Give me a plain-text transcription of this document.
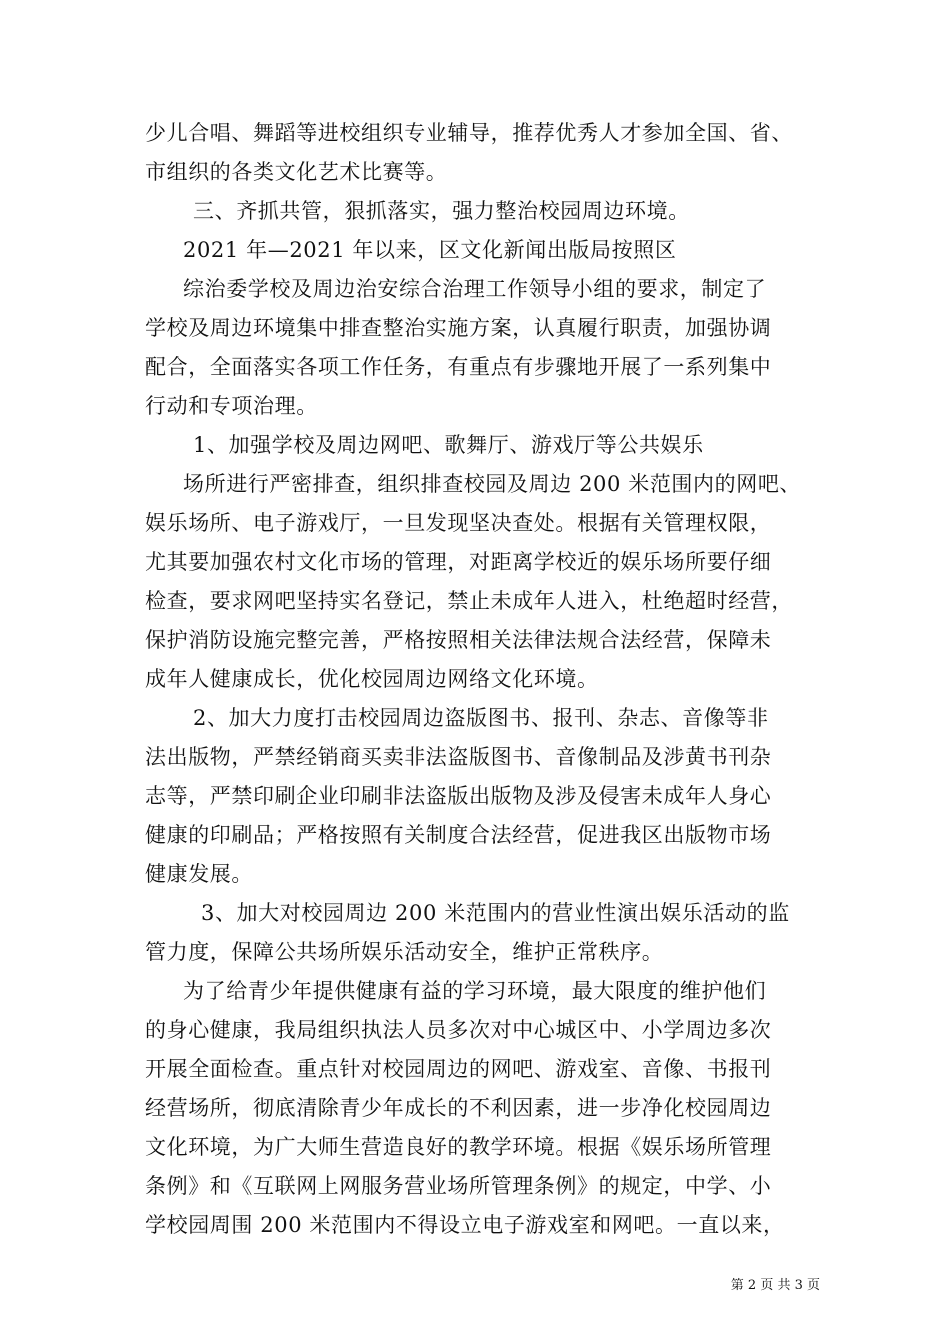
少儿合唱、舞蹈等进校组织专业辅导，推荐优秀人才参加全国、省、
市组织的各类文化艺术比赛等。
三、齐抓共管，狠抓落实，强力整治校园周边环境。
2021 年—2021 年以来，区文化新闻出版局按照区
综治委学校及周边治安综合治理工作领导小组的要求，制定了
学校及周边环境集中排查整治实施方案，认真履行职责，加强协调
配合，全面落实各项工作任务，有重点有步骤地开展了一系列集中
行动和专项治理。
1、加强学校及周边网吧、歌舞厅、游戏厅等公共娱乐
场所进行严密排查，组织排查校园及周边 200 米范围内的网吧、
娱乐场所、电子游戏厅，一旦发现坚决查处。根据有关管理权限，
尤其要加强农村文化市场的管理，对距离学校近的娱乐场所要仔细
检查，要求网吧坚持实名登记，禁止未成年人进入，杜绝超时经营，
保护消防设施完整完善，严格按照相关法律法规合法经营，保障未
成年人健康成长，优化校园周边网络文化环境。
2、加大力度打击校园周边盗版图书、报刊、杂志、音像等非
法出版物，严禁经销商买卖非法盗版图书、音像制品及涉黄书刊杂
志等，严禁印刷企业印刷非法盗版出版物及涉及侵害未成年人身心
健康的印刷品；严格按照有关制度合法经营，促进我区出版物市场
健康发展。
3、加大对校园周边 200 米范围内的营业性演出娱乐活动的监
管力度，保障公共场所娱乐活动安全，维护正常秩序。
为了给青少年提供健康有益的学习环境，最大限度的维护他们
的身心健康，我局组织执法人员多次对中心城区中、小学周边多次
开展全面检查。重点针对校园周边的网吧、游戏室、音像、书报刊
经营场所，彻底清除青少年成长的不利因素，进一步净化校园周边
文化环境，为广大师生营造良好的教学环境。根据《娱乐场所管理
条例》和《互联网上网服务营业场所管理条例》的规定，中学、小
学校园周围 200 米范围内不得设立电子游戏室和网吧。一直以来，
第 2 页 共 3 页
